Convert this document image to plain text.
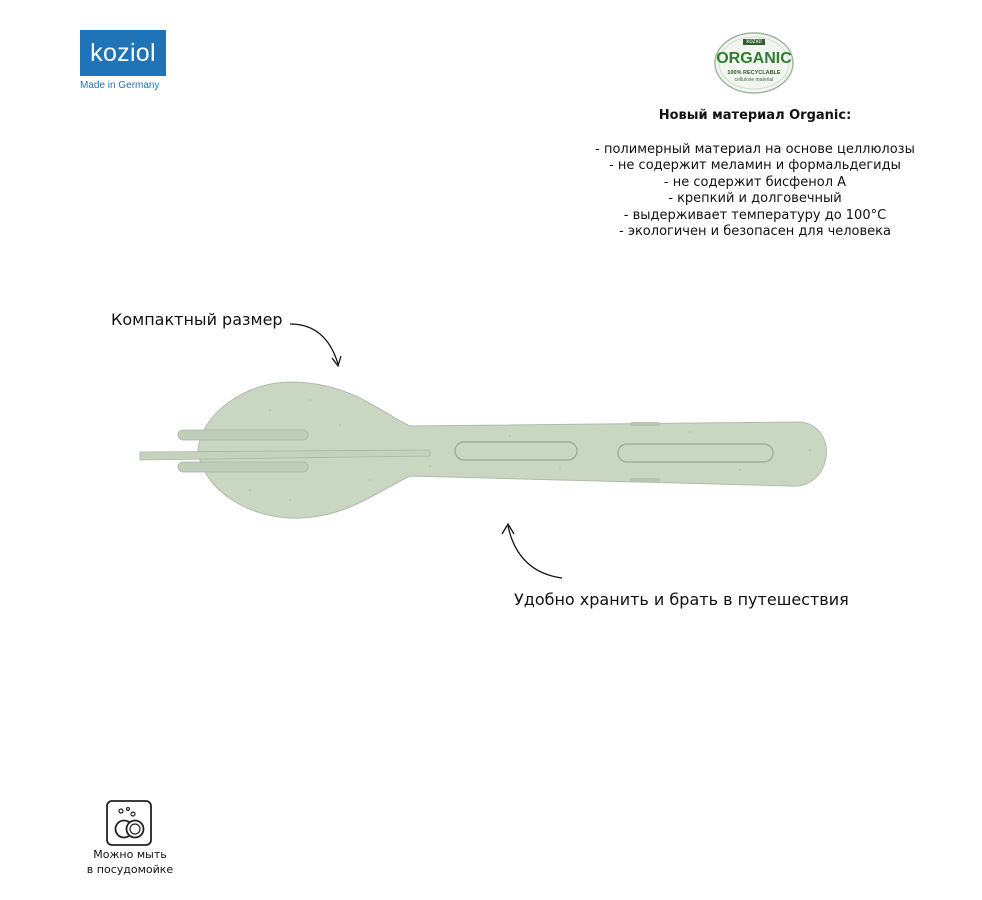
koziol
Made in Germany
koziol
ORGANIC
100% RECYCLABLE
cellulose material
Новый материал Organic:
- полимерный материал на основе целлюлозы
- не содержит меламин и формальдегиды
- не содержит бисфенол А
- крепкий и долговечный
- выдерживает температуру до 100°С
- экологичен и безопасен для человека
Компактный размер
Удобно хранить и брать в путешествия
Можно мыть
в посудомойке
